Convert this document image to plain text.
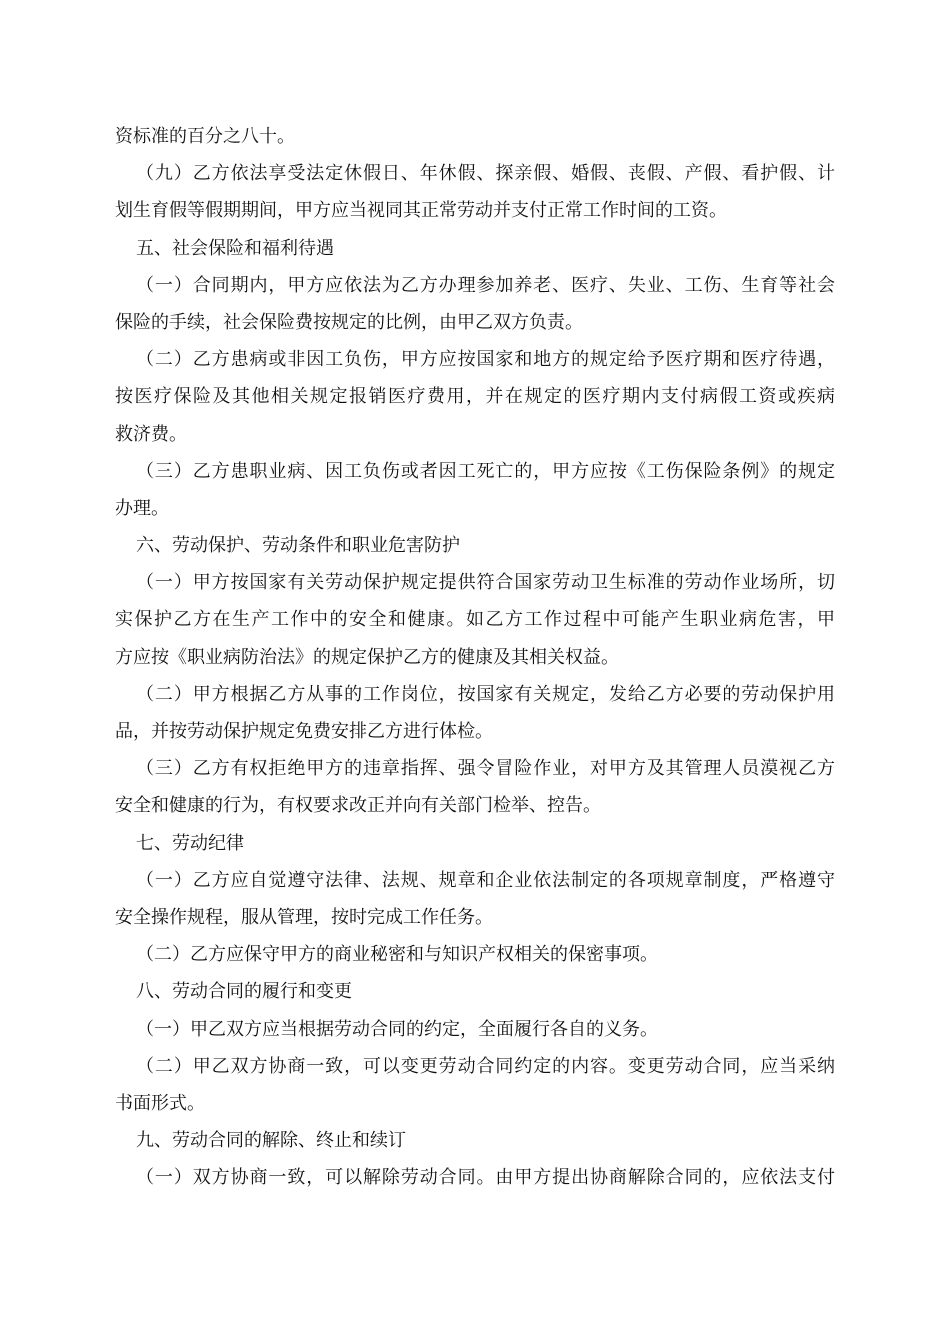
资标准的百分之八十。
（九）乙方依法享受法定休假日、年休假、探亲假、婚假、丧假、产假、看护假、计
划生育假等假期期间，甲方应当视同其正常劳动并支付正常工作时间的工资。
五、社会保险和福利待遇
（一）合同期内，甲方应依法为乙方办理参加养老、医疗、失业、工伤、生育等社会
保险的手续，社会保险费按规定的比例，由甲乙双方负责。
（二）乙方患病或非因工负伤，甲方应按国家和地方的规定给予医疗期和医疗待遇，
按医疗保险及其他相关规定报销医疗费用，并在规定的医疗期内支付病假工资或疾病
救济费。
（三）乙方患职业病、因工负伤或者因工死亡的，甲方应按《工伤保险条例》的规定
办理。
六、劳动保护、劳动条件和职业危害防护
（一）甲方按国家有关劳动保护规定提供符合国家劳动卫生标准的劳动作业场所，切
实保护乙方在生产工作中的安全和健康。如乙方工作过程中可能产生职业病危害，甲
方应按《职业病防治法》的规定保护乙方的健康及其相关权益。
（二）甲方根据乙方从事的工作岗位，按国家有关规定，发给乙方必要的劳动保护用
品，并按劳动保护规定免费安排乙方进行体检。
（三）乙方有权拒绝甲方的违章指挥、强令冒险作业，对甲方及其管理人员漠视乙方
安全和健康的行为，有权要求改正并向有关部门检举、控告。
七、劳动纪律
（一）乙方应自觉遵守法律、法规、规章和企业依法制定的各项规章制度，严格遵守
安全操作规程，服从管理，按时完成工作任务。
（二）乙方应保守甲方的商业秘密和与知识产权相关的保密事项。
八、劳动合同的履行和变更
（一）甲乙双方应当根据劳动合同的约定，全面履行各自的义务。
（二）甲乙双方协商一致，可以变更劳动合同约定的内容。变更劳动合同，应当采纳
书面形式。
九、劳动合同的解除、终止和续订
（一）双方协商一致，可以解除劳动合同。由甲方提出协商解除合同的，应依法支付
